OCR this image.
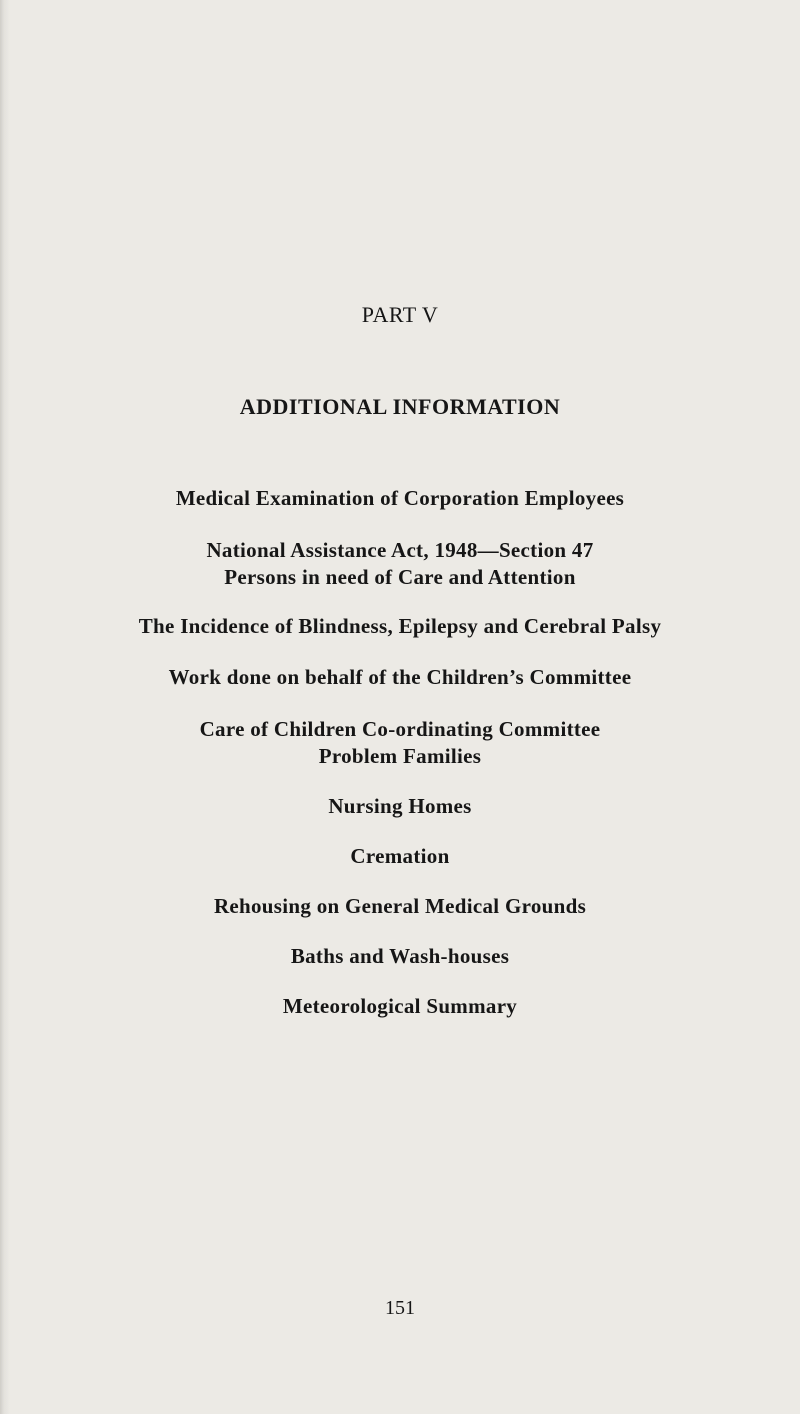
PART V
ADDITIONAL INFORMATION
Medical Examination of Corporation Employees
National Assistance Act, 1948—Section 47
Persons in need of Care and Attention
The Incidence of Blindness, Epilepsy and Cerebral Palsy
Work done on behalf of the Children’s Committee
Care of Children Co-ordinating Committee
Problem Families
Nursing Homes
Cremation
Rehousing on General Medical Grounds
Baths and Wash-houses
Meteorological Summary
151
